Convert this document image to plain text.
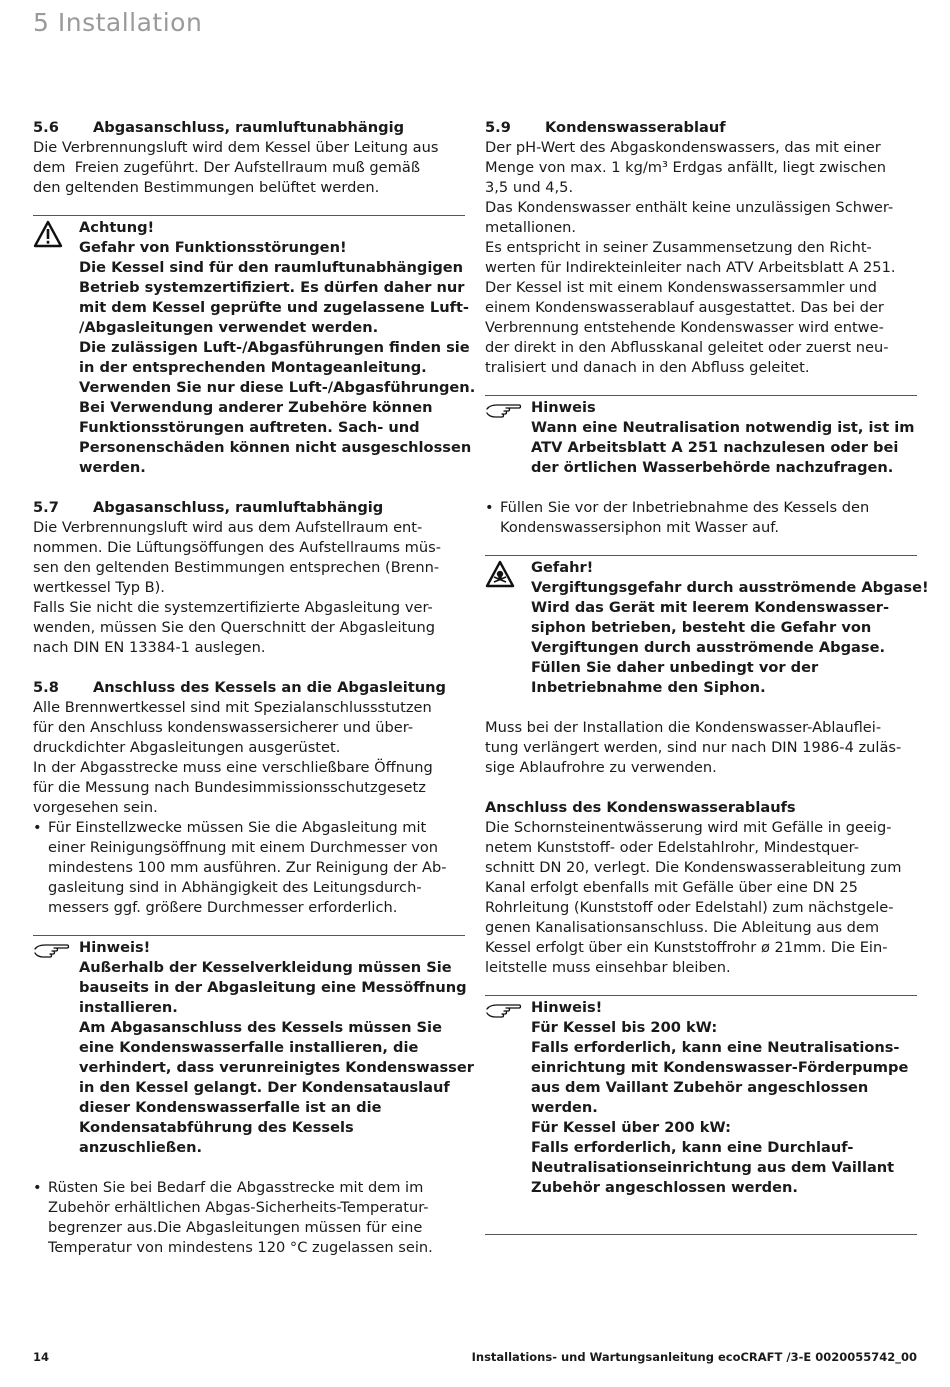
5 Installation
5.6	Abgasanschluss, raumluftunabhängig
Die Verbrennungsluft wird dem Kessel über Leitung aus
dem  Freien zugeführt. Der Aufstellraum muß gemäß
den geltenden Bestimmungen belüftet werden.
Achtung!
Gefahr von Funktionsstörungen!
Die Kessel sind für den raumluftunabhängigen
Betrieb systemzertifiziert. Es dürfen daher nur
mit dem Kessel geprüfte und zugelassene Luft-
/Abgasleitungen verwendet werden.
Die zulässigen Luft-/Abgasführungen finden sie
in der entsprechenden Montageanleitung.
Verwenden Sie nur diese Luft-/Abgasführungen.
Bei Verwendung anderer Zubehöre können
Funktionsstörungen auftreten. Sach- und
Personenschäden können nicht ausgeschlossen
werden.
5.7	Abgasanschluss, raumluftabhängig
Die Verbrennungsluft wird aus dem Aufstellraum ent-
nommen. Die Lüftungsöffungen des Aufstellraums müs-
sen den geltenden Bestimmungen entsprechen (Brenn-
wertkessel Typ B).
Falls Sie nicht die systemzertifizierte Abgasleitung ver-
wenden, müssen Sie den Querschnitt der Abgasleitung
nach DIN EN 13384-1 auslegen.
5.8	Anschluss des Kessels an die Abgasleitung
Alle Brennwertkessel sind mit Spezialanschlussstutzen
für den Anschluss kondenswassersicherer und über-
druckdichter Abgasleitungen ausgerüstet.
In der Abgasstrecke muss eine verschließbare Öffnung
für die Messung nach Bundesimmissionsschutzgesetz
vorgesehen sein.
• Für Einstellzwecke müssen Sie die Abgasleitung mit
einer Reinigungsöffnung mit einem Durchmesser von
mindestens 100 mm ausführen. Zur Reinigung der Ab-
gasleitung sind in Abhängigkeit des Leitungsdurch-
messers ggf. größere Durchmesser erforderlich.
Hinweis!
Außerhalb der Kesselverkleidung müssen Sie
bauseits in der Abgasleitung eine Messöffnung
installieren.
Am Abgasanschluss des Kessels müssen Sie
eine Kondenswasserfalle installieren, die
verhindert, dass verunreinigtes Kondenswasser
in den Kessel gelangt. Der Kondensatauslauf
dieser Kondenswasserfalle ist an die
Kondensatabführung des Kessels
anzuschließen.
• Rüsten Sie bei Bedarf die Abgasstrecke mit dem im
Zubehör erhältlichen Abgas-Sicherheits-Temperatur-
begrenzer aus.Die Abgasleitungen müssen für eine
Temperatur von mindestens 120 °C zugelassen sein.
5.9	Kondenswasserablauf
Der pH-Wert des Abgaskondenswassers, das mit einer
Menge von max. 1 kg/m³ Erdgas anfällt, liegt zwischen
3,5 und 4,5.
Das Kondenswasser enthält keine unzulässigen Schwer-
metallionen.
Es entspricht in seiner Zusammensetzung den Richt-
werten für Indirekteinleiter nach ATV Arbeitsblatt A 251.
Der Kessel ist mit einem Kondenswassersammler und
einem Kondenswasserablauf ausgestattet. Das bei der
Verbrennung entstehende Kondenswasser wird entwe-
der direkt in den Abflusskanal geleitet oder zuerst neu-
tralisiert und danach in den Abfluss geleitet.
Hinweis
Wann eine Neutralisation notwendig ist, ist im
ATV Arbeitsblatt A 251 nachzulesen oder bei
der örtlichen Wasserbehörde nachzufragen.
• Füllen Sie vor der Inbetriebnahme des Kessels den
Kondenswassersiphon mit Wasser auf.
Gefahr!
Vergiftungsgefahr durch ausströmende Abgase!
Wird das Gerät mit leerem Kondenswasser-
siphon betrieben, besteht die Gefahr von
Vergiftungen durch ausströmende Abgase.
Füllen Sie daher unbedingt vor der
Inbetriebnahme den Siphon.
Muss bei der Installation die Kondenswasser-Ablauflei-
tung verlängert werden, sind nur nach DIN 1986-4 zuläs-
sige Ablaufrohre zu verwenden.
Anschluss des Kondenswasserablaufs
Die Schornsteinentwässerung wird mit Gefälle in geeig-
netem Kunststoff- oder Edelstahlrohr, Mindestquer-
schnitt DN 20, verlegt. Die Kondenswasserableitung zum
Kanal erfolgt ebenfalls mit Gefälle über eine DN 25
Rohrleitung (Kunststoff oder Edelstahl) zum nächstgele-
genen Kanalisationsanschluss. Die Ableitung aus dem
Kessel erfolgt über ein Kunststoffrohr ø 21mm. Die Ein-
leitstelle muss einsehbar bleiben.
Hinweis!
Für Kessel bis 200 kW:
Falls erforderlich, kann eine Neutralisations-
einrichtung mit Kondenswasser-Förderpumpe
aus dem Vaillant Zubehör angeschlossen
werden.
Für Kessel über 200 kW:
Falls erforderlich, kann eine Durchlauf-
Neutralisationseinrichtung aus dem Vaillant
Zubehör angeschlossen werden.
14	Installations- und Wartungsanleitung ecoCRAFT /3-E 0020055742_00
